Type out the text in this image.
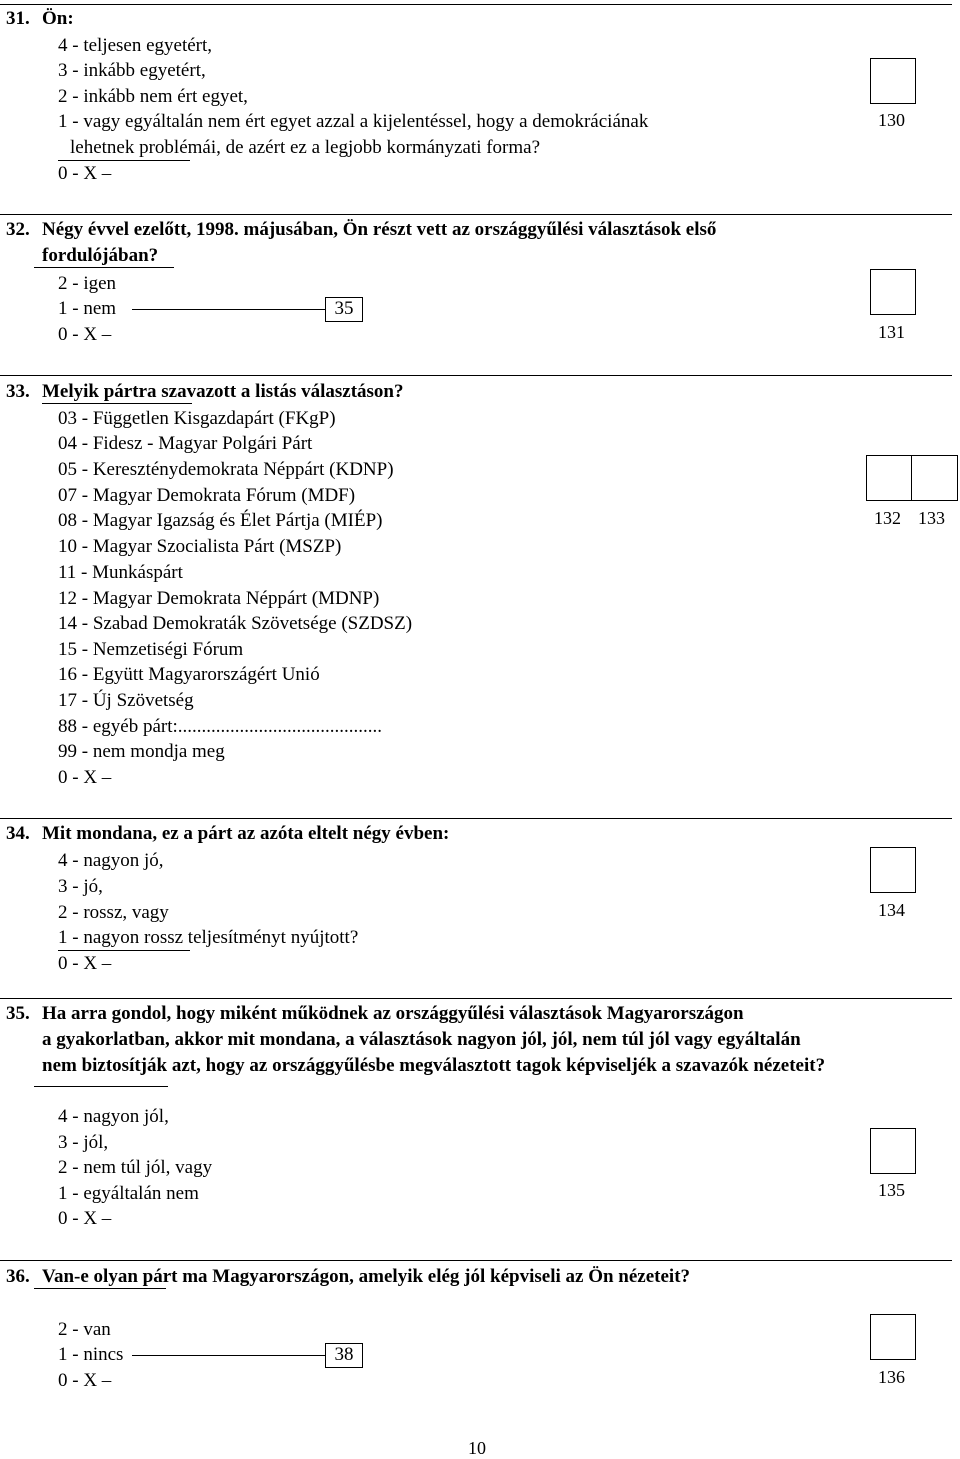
31. Ön:
4 - teljesen egyetért,
3 - inkább egyetért,
2 - inkább nem ért egyet,
1 - vagy egyáltalán nem ért egyet azzal a kijelentéssel, hogy a demokráciának
lehetnek problémái, de azért ez a legjobb kormányzati forma?
0 - X –
130
32. Négy évvel ezelőtt, 1998. májusában, Ön részt vett az országgyűlési választások első
fordulójában?
2 - igen
1 - nem	35
0 - X –	131
33. Melyik pártra szavazott a listás választáson?
03 - Független Kisgazdapárt (FKgP)
04 - Fidesz - Magyar Polgári Párt
05 - Kereszténydemokrata Néppárt (KDNP)
07 - Magyar Demokrata Fórum (MDF)
08 - Magyar Igazság és Élet Pártja (MIÉP)
10 - Magyar Szocialista Párt (MSZP)
11 - Munkáspárt
12 - Magyar Demokrata Néppárt (MDNP)
14 - Szabad Demokraták Szövetsége (SZDSZ)
15 - Nemzetiségi Fórum
16 - Együtt Magyarországért Unió
17 - Új Szövetség
88 - egyéb párt:...........................................
99 - nem mondja meg
0 - X –
132 133
34. Mit mondana, ez a párt az azóta eltelt négy évben:
4 - nagyon jó,
3 - jó,
2 - rossz, vagy
1 - nagyon rossz teljesítményt nyújtott?
0 - X –
134
35. Ha arra gondol, hogy miként működnek az országgyűlési választások Magyarországon
a gyakorlatban, akkor mit mondana, a választások nagyon jól, jól, nem túl jól vagy egyáltalán
nem biztosítják azt, hogy az országgyűlésbe megválasztott tagok képviseljék a szavazók nézeteit?
4 - nagyon jól,
3 - jól,
2 - nem túl jól, vagy
1 - egyáltalán nem
0 - X –
135
36. Van-e olyan párt ma Magyarországon, amelyik elég jól képviseli az Ön nézeteit?
2 - van
1 - nincs	38
0 - X –	136
10
